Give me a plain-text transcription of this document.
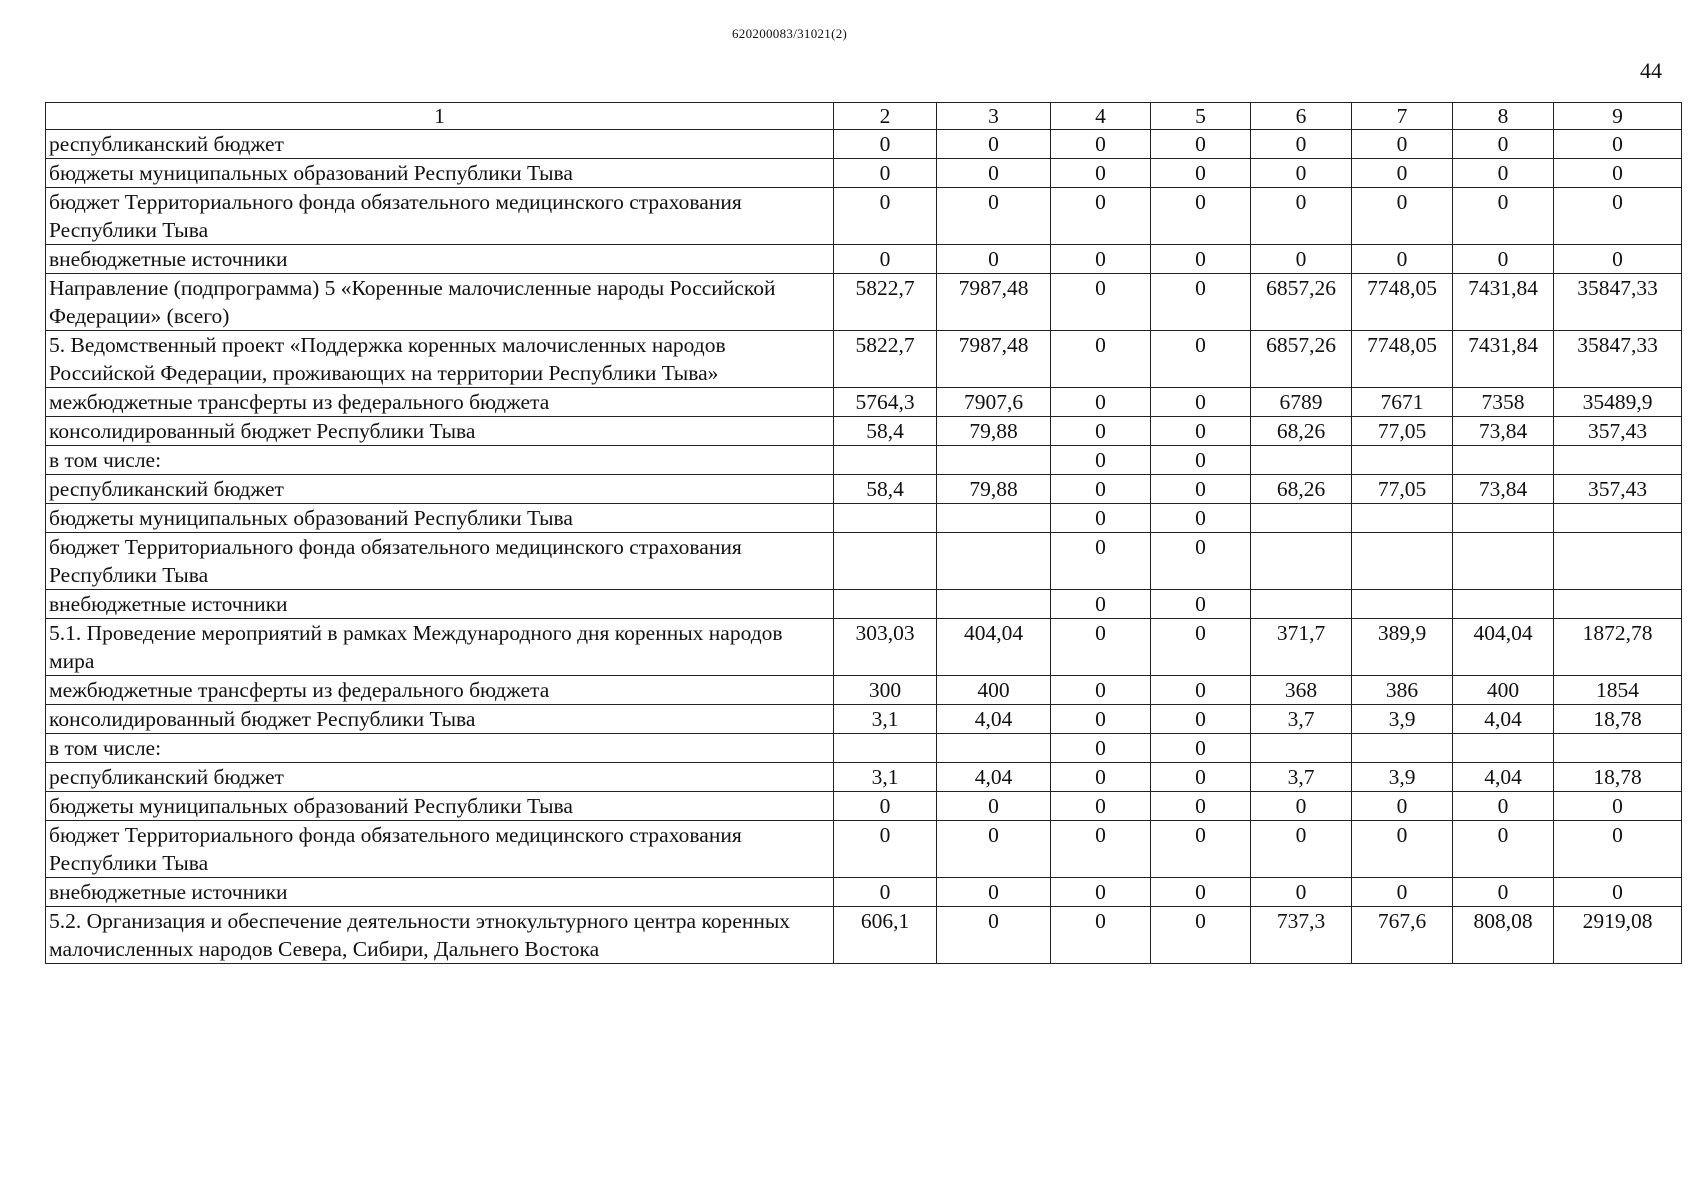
620200083/31021(2)
44
1	2	3	4	5	6	7	8	9
республиканский бюджет	0	0	0	0	0	0	0	0
бюджеты муниципальных образований Республики Тыва	0	0	0	0	0	0	0	0
бюджет Территориального фонда обязательного медицинского страхования Республики Тыва	0	0	0	0	0	0	0	0
внебюджетные источники	0	0	0	0	0	0	0	0
Направление (подпрограмма) 5 «Коренные малочисленные народы Российской Федерации» (всего)	5822,7	7987,48	0	0	6857,26	7748,05	7431,84	35847,33
5. Ведомственный проект «Поддержка коренных малочисленных народов Российской Федерации, проживающих на территории Республики Тыва»	5822,7	7987,48	0	0	6857,26	7748,05	7431,84	35847,33
межбюджетные трансферты из федерального бюджета	5764,3	7907,6	0	0	6789	7671	7358	35489,9
консолидированный бюджет Республики Тыва	58,4	79,88	0	0	68,26	77,05	73,84	357,43
в том числе:			0	0				
республиканский бюджет	58,4	79,88	0	0	68,26	77,05	73,84	357,43
бюджеты муниципальных образований Республики Тыва			0	0				
бюджет Территориального фонда обязательного медицинского страхования Республики Тыва			0	0				
внебюджетные источники			0	0				
5.1. Проведение мероприятий в рамках Международного дня коренных народов мира	303,03	404,04	0	0	371,7	389,9	404,04	1872,78
межбюджетные трансферты из федерального бюджета	300	400	0	0	368	386	400	1854
консолидированный бюджет Республики Тыва	3,1	4,04	0	0	3,7	3,9	4,04	18,78
в том числе:			0	0				
республиканский бюджет	3,1	4,04	0	0	3,7	3,9	4,04	18,78
бюджеты муниципальных образований Республики Тыва	0	0	0	0	0	0	0	0
бюджет Территориального фонда обязательного медицинского страхования Республики Тыва	0	0	0	0	0	0	0	0
внебюджетные источники	0	0	0	0	0	0	0	0
5.2. Организация и обеспечение деятельности этнокультурного центра коренных малочисленных народов Севера, Сибири, Дальнего Востока	606,1	0	0	0	737,3	767,6	808,08	2919,08
